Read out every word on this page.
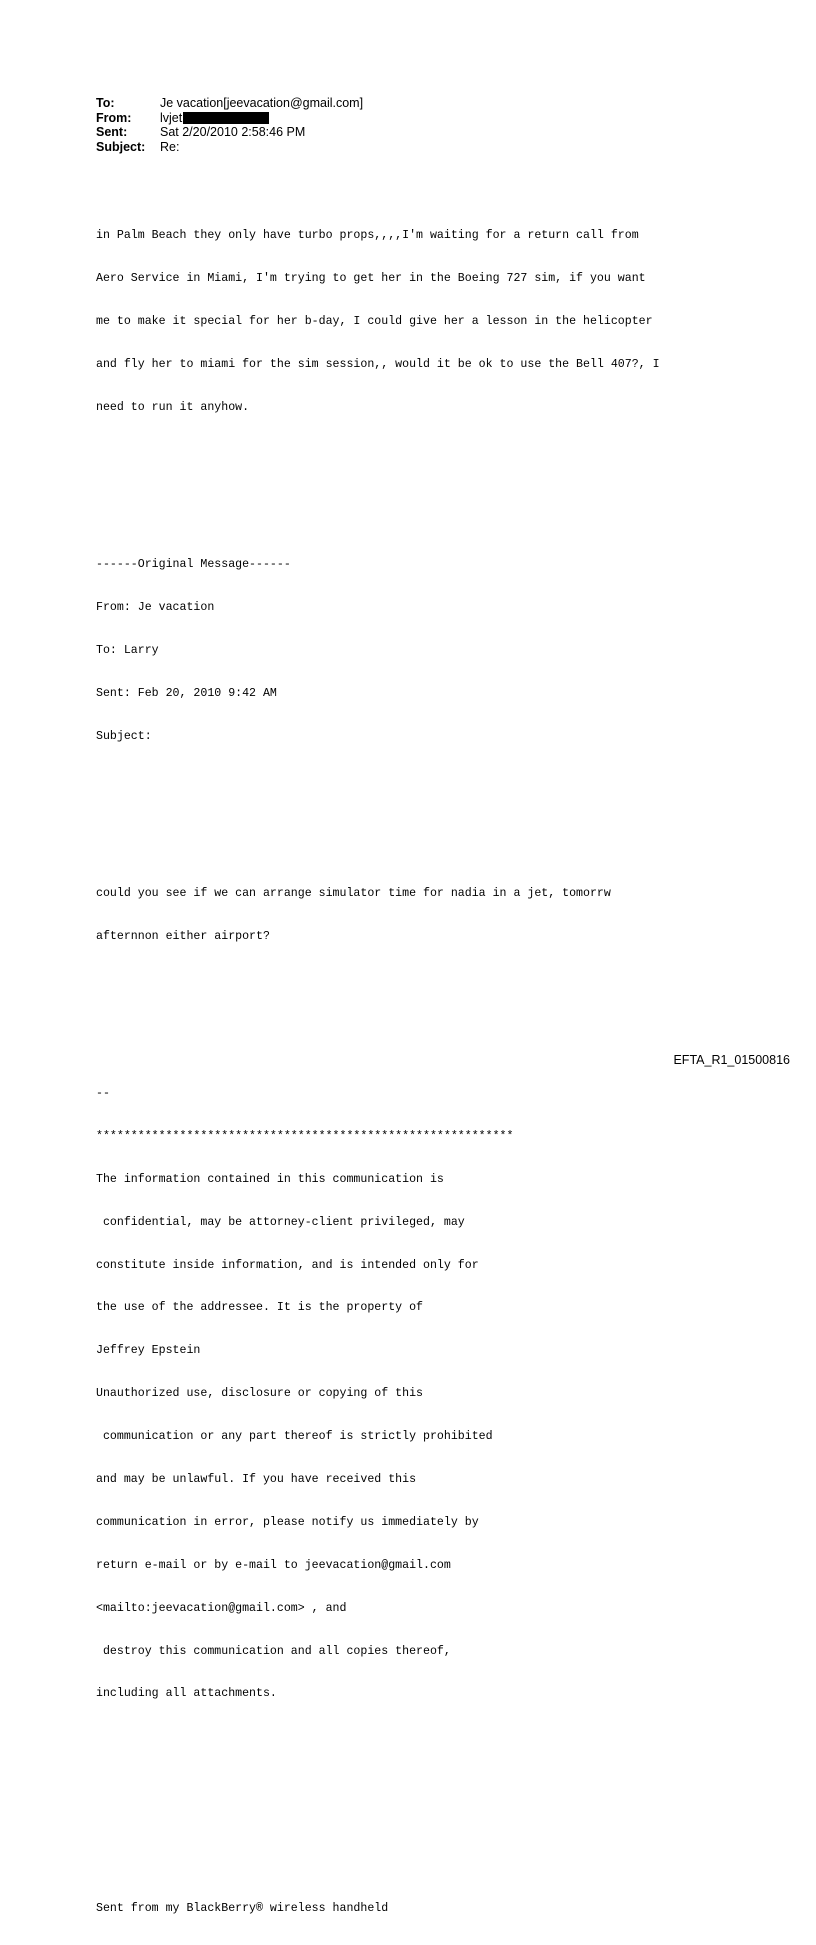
To:	Je vacation[jeevacation@gmail.com]
From:	lvjet
Sent:	Sat 2/20/2010 2:58:46 PM
Subject:	Re:

in Palm Beach they only have turbo props,,,,I'm waiting for a return call from

Aero Service in Miami, I'm trying to get her in the Boeing 727 sim, if you want

me to make it special for her b-day, I could give her a lesson in the helicopter

and fly her to miami for the sim session,, would it be ok to use the Bell 407?, I

need to run it anyhow.

------Original Message------

From: Je vacation

To: Larry

Sent: Feb 20, 2010 9:42 AM

Subject:

could you see if we can arrange simulator time for nadia in a jet, tomorrw

afternnon either airport?

--

************************************************************

The information contained in this communication is

confidential, may be attorney-client privileged, may

constitute inside information, and is intended only for

the use of the addressee. It is the property of

Jeffrey Epstein

Unauthorized use, disclosure or copying of this

communication or any part thereof is strictly prohibited

and may be unlawful. If you have received this

communication in error, please notify us immediately by

return e-mail or by e-mail to jeevacation@gmail.com

<mailto:jeevacation@gmail.com> , and

destroy this communication and all copies thereof,

including all attachments.

Sent from my BlackBerry® wireless handheld

EFTA_R1_01500816
